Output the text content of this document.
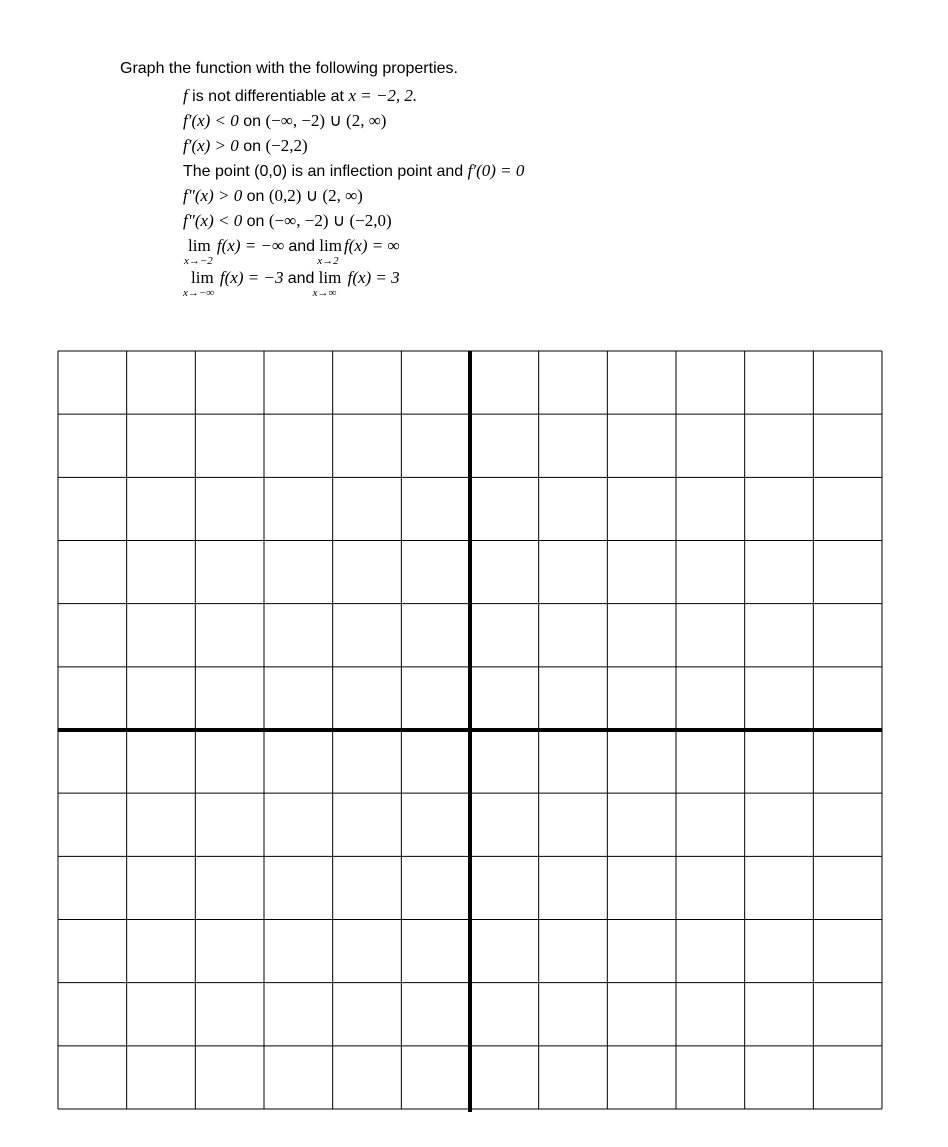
Graph the function with the following properties.
f is not differentiable at x = −2, 2.
f′(x) < 0 on (−∞, −2) ∪ (2, ∞)
f′(x) > 0 on (−2,2)
The point (0,0) is an inflection point and f′(0) = 0
f"(x) > 0 on (0,2) ∪ (2, ∞)
f"(x) < 0 on (−∞, −2) ∪ (−2,0)
lim
x→−2
f(x) = −∞ and lim
x→2
f(x) = ∞
lim
x→−∞
f(x) = −3 and lim
x→∞
f(x) = 3
